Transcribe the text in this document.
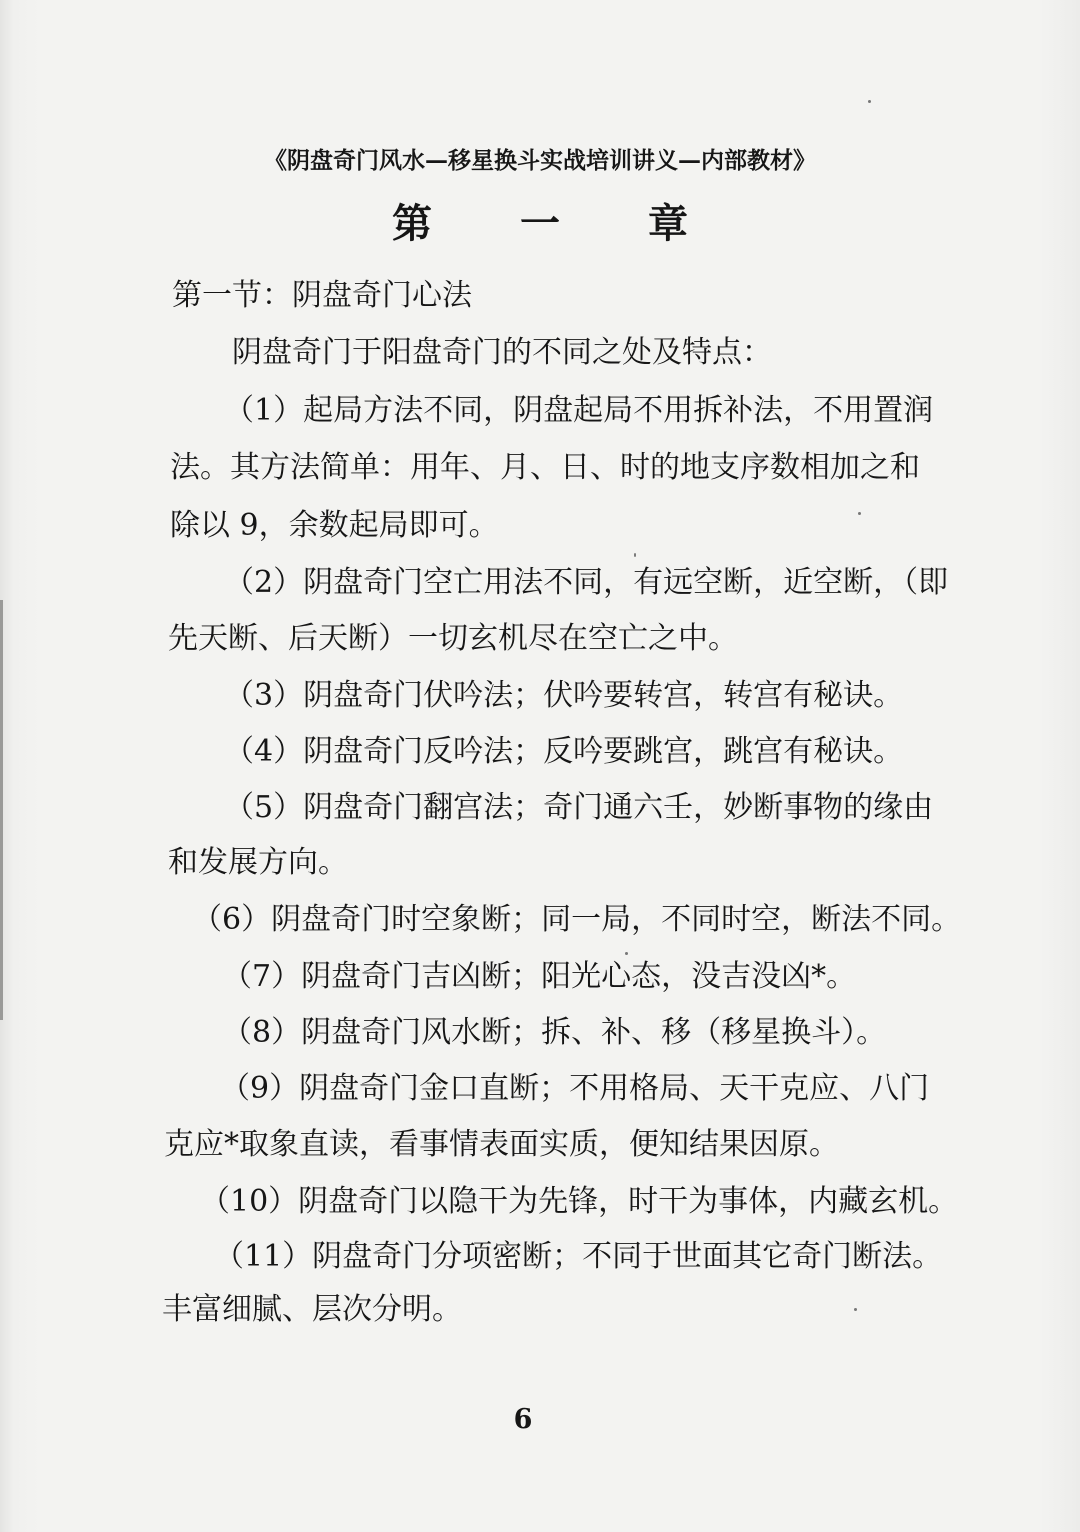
《阴盘奇门风水—移星换斗实战培训讲义—内部教材》
第 一 章
第一节：阴盘奇门心法
阴盘奇门于阳盘奇门的不同之处及特点：
（1）起局方法不同，阴盘起局不用拆补法，不用置润
法。其方法简单：用年、月、日、时的地支序数相加之和
除以 9，余数起局即可。
（2）阴盘奇门空亡用法不同，有远空断，近空断，（即
先天断、后天断）一切玄机尽在空亡之中。
（3）阴盘奇门伏吟法；伏吟要转宫，转宫有秘诀。
（4）阴盘奇门反吟法；反吟要跳宫，跳宫有秘诀。
（5）阴盘奇门翻宫法；奇门通六壬，妙断事物的缘由
和发展方向。
（6）阴盘奇门时空象断；同一局，不同时空，断法不同。
（7）阴盘奇门吉凶断；阳光心态，没吉没凶*。
（8）阴盘奇门风水断；拆、补、移（移星换斗）。
（9）阴盘奇门金口直断；不用格局、天干克应、八门
克应*取象直读，看事情表面实质，便知结果因原。
（10）阴盘奇门以隐干为先锋，时干为事体，内藏玄机。
（11）阴盘奇门分项密断；不同于世面其它奇门断法。
丰富细腻、层次分明。
6
